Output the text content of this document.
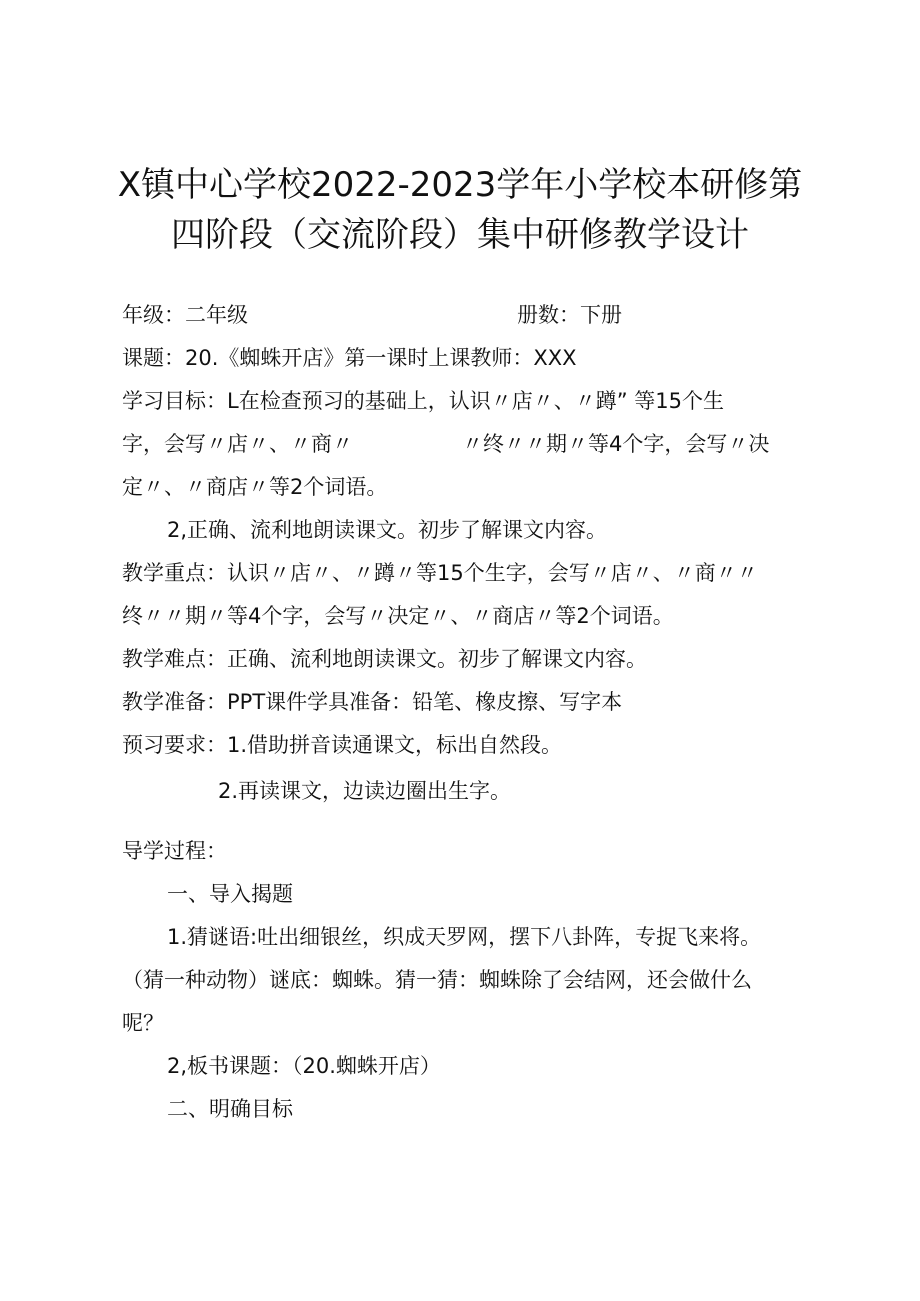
X镇中心学校2022-2023学年小学校本研修第
四阶段（交流阶段）集中研修教学设计
年级：二年级	册数：下册
课题：20.《蜘蛛开店》第一课时上课教师：XXX
学习目标：L在检查预习的基础上，认识〃店〃、〃蹲” 等15个生
字，会写〃店〃、〃商〃	〃终〃〃期〃等4个字，会写〃决
定〃、〃商店〃等2个词语。
2,正确、流利地朗读课文。初步了解课文内容。
教学重点：认识〃店〃、〃蹲〃等15个生字，会写〃店〃、〃商〃〃
终〃〃期〃等4个字，会写〃决定〃、〃商店〃等2个词语。
教学难点：正确、流利地朗读课文。初步了解课文内容。
教学准备：PPT课件学具准备：铅笔、橡皮擦、写字本
预习要求：1.借助拼音读通课文，标出自然段。
2.再读课文，边读边圈出生字。
导学过程：
一、导入揭题
1.猜谜语:吐出细银丝，织成天罗网，摆下八卦阵，专捉飞来将。
（猜一种动物）谜底：蜘蛛。猜一猜：蜘蛛除了会结网，还会做什么
呢？
2,板书课题：（20.蜘蛛开店）
二、明确目标
